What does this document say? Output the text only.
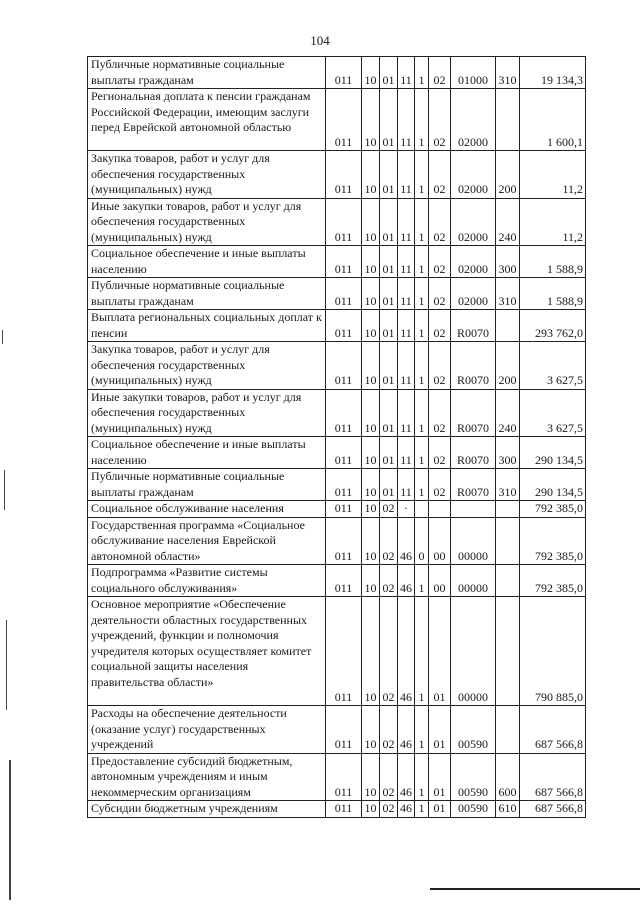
104
Публичные нормативные социальные выплаты гражданам	011	10	01	11	1	02	01000	310	19 134,3
Региональная доплата к пенсии гражданам Российской Федерации, имеющим заслуги перед Еврейской автономной областью	011	10	01	11	1	02	02000		1 600,1
Закупка товаров, работ и услуг для обеспечения государственных (муниципальных) нужд	011	10	01	11	1	02	02000	200	11,2
Иные закупки товаров, работ и услуг для обеспечения государственных (муниципальных) нужд	011	10	01	11	1	02	02000	240	11,2
Социальное обеспечение и иные выплаты населению	011	10	01	11	1	02	02000	300	1 588,9
Публичные нормативные социальные выплаты гражданам	011	10	01	11	1	02	02000	310	1 588,9
Выплата региональных социальных доплат к пенсии	011	10	01	11	1	02	R0070		293 762,0
Закупка товаров, работ и услуг для обеспечения государственных (муниципальных) нужд	011	10	01	11	1	02	R0070	200	3 627,5
Иные закупки товаров, работ и услуг для обеспечения государственных (муниципальных) нужд	011	10	01	11	1	02	R0070	240	3 627,5
Социальное обеспечение и иные выплаты населению	011	10	01	11	1	02	R0070	300	290 134,5
Публичные нормативные социальные выплаты гражданам	011	10	01	11	1	02	R0070	310	290 134,5
Социальное обслуживание населения	011	10	02	·					792 385,0
Государственная программа «Социальное обслуживание населения Еврейской автономной области»	011	10	02	46	0	00	00000		792 385,0
Подпрограмма «Развитие системы социального обслуживания»	011	10	02	46	1	00	00000		792 385,0
Основное мероприятие «Обеспечение деятельности областных государственных учреждений, функции и полномочия учредителя которых осуществляет комитет социальной защиты населения правительства области»	011	10	02	46	1	01	00000		790 885,0
Расходы на обеспечение деятельности (оказание услуг) государственных учреждений	011	10	02	46	1	01	00590		687 566,8
Предоставление субсидий бюджетным, автономным учреждениям и иным некоммерческим организациям	011	10	02	46	1	01	00590	600	687 566,8
Субсидии бюджетным учреждениям	011	10	02	46	1	01	00590	610	687 566,8
